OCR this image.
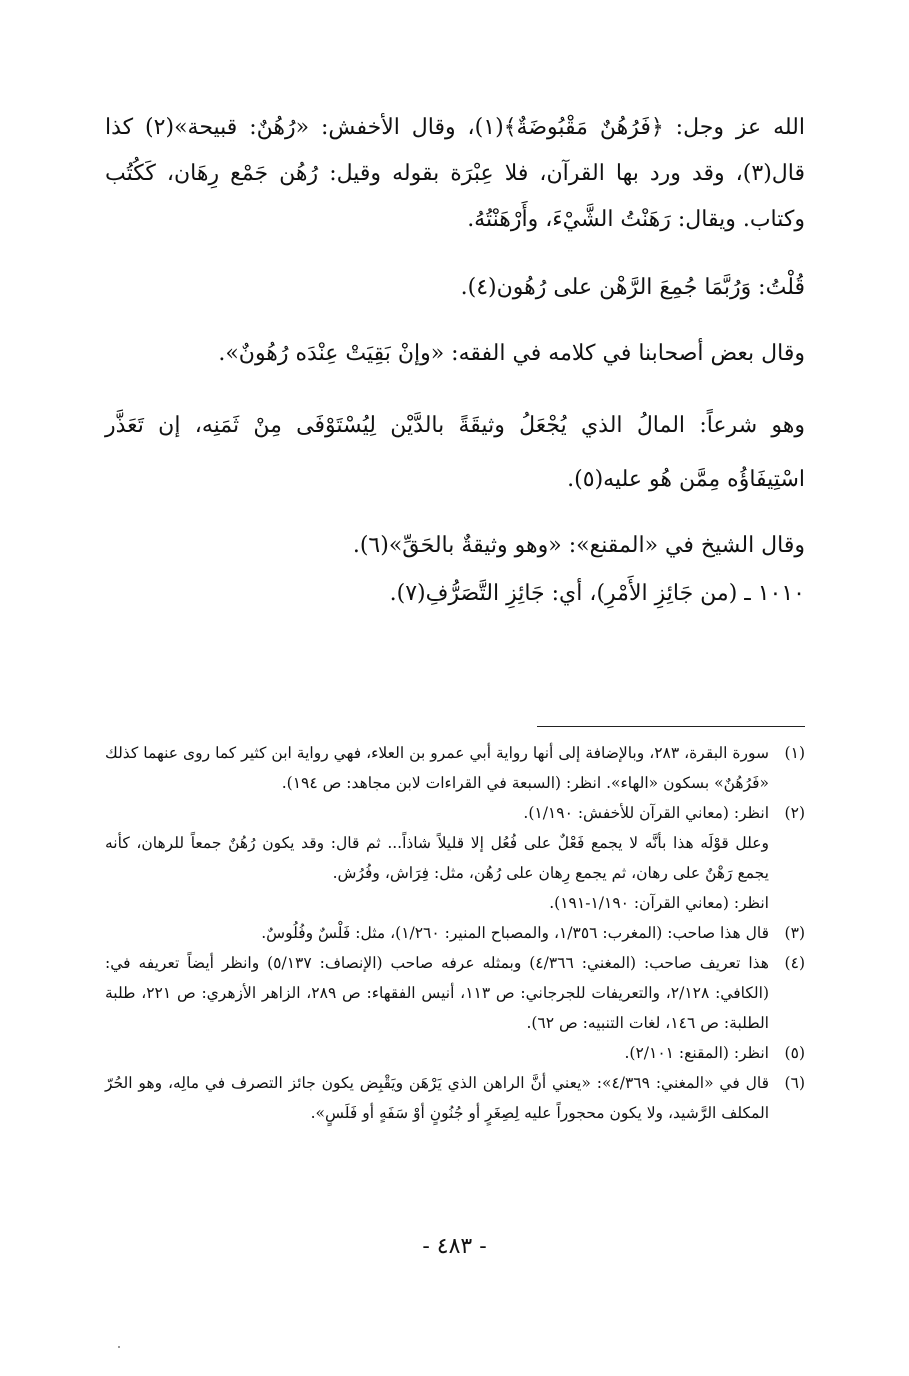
الله عز وجل: ﴿فَرُهُنٌ مَقْبُوضَةٌ﴾(١)، وقال الأخفش: «رُهُنٌ: قبيحة»(٢) كذا قال(٣)، وقد ورد بها القرآن، فلا عِبْرَة بقوله وقيل: رُهُن جَمْع رِهَان، كَكُتُب وكتاب. ويقال: رَهَنْتُ الشَّيْءَ، وأَرْهَنْتُهُ.

قُلْتُ: وَرُبَّمَا جُمِعَ الرَّهْن على رُهُون(٤).

وقال بعض أصحابنا في كلامه في الفقه: «وإنْ بَقِيَتْ عِنْدَه رُهُونٌ».

وهو شرعاً: المالُ الذي يُجْعَلُ وثيقَةً بالدَّيْن لِيُسْتَوْفَى مِنْ ثَمَنِه، إن تَعَذَّر اسْتِيفَاؤُه مِمَّن هُو عليه(٥).

وقال الشيخ في «المقنع»: «وهو وثيقةٌ بالحَقِّ»(٦).

١٠١٠ ـ (من جَائِزِ الأَمْرِ)، أي: جَائِزِ التَّصَرُّفِ(٧).

(١)
سورة البقرة، ٢٨٣، وبالإضافة إلى أنها رواية أبي عمرو بن العلاء، فهي رواية ابن كثير كما روى عنهما كذلك «فَرُهُنٌ» بسكون «الهاء». انظر: (السبعة في القراءات لابن مجاهد: ص ١٩٤).
(٢)
انظر: (معاني القرآن للأخفش: ١/١٩٠).
وعلل قوْلَه هذا بأنَّه لا يجمع فَعْلٌ على فُعُل إلا قليلاً شاذاً... ثم قال: وقد يكون رُهُنٌ جمعاً للرهان، كأنه يجمع رَهْنٌ على رهان، ثم يجمع رِهان على رُهُن، مثل: فِرَاش، وفُرُش.
انظر: (معاني القرآن: ١/١٩٠-١٩١).
(٣)
قال هذا صاحب: (المغرب: ١/٣٥٦، والمصباح المنير: ١/٢٦٠)، مثل: فَلْسٌ وفُلُوسٌ.
(٤)
هذا تعريف صاحب: (المغني: ٤/٣٦٦) وبمثله عرفه صاحب (الإنصاف: ٥/١٣٧) وانظر أيضاً تعريفه في: (الكافي: ٢/١٢٨، والتعريفات للجرجاني: ص ١١٣، أنيس الفقهاء: ص ٢٨٩، الزاهر الأزهري: ص ٢٢١، طلبة الطلبة: ص ١٤٦، لغات التنبيه: ص ٦٢).
(٥)
انظر: (المقنع: ٢/١٠١).
(٦)
قال في «المغني: ٤/٣٦٩»: «يعني أنَّ الراهن الذي يَرْهَن ويَقْبِض يكون جائز التصرف في مالِه، وهو الحُرّ المكلف الرَّشيد، ولا يكون محجوراً عليه لِصِغَرٍ أو جُنُونٍ أوْ سَفَهٍ أو فَلَسٍ».
- ٤٨٣ -
